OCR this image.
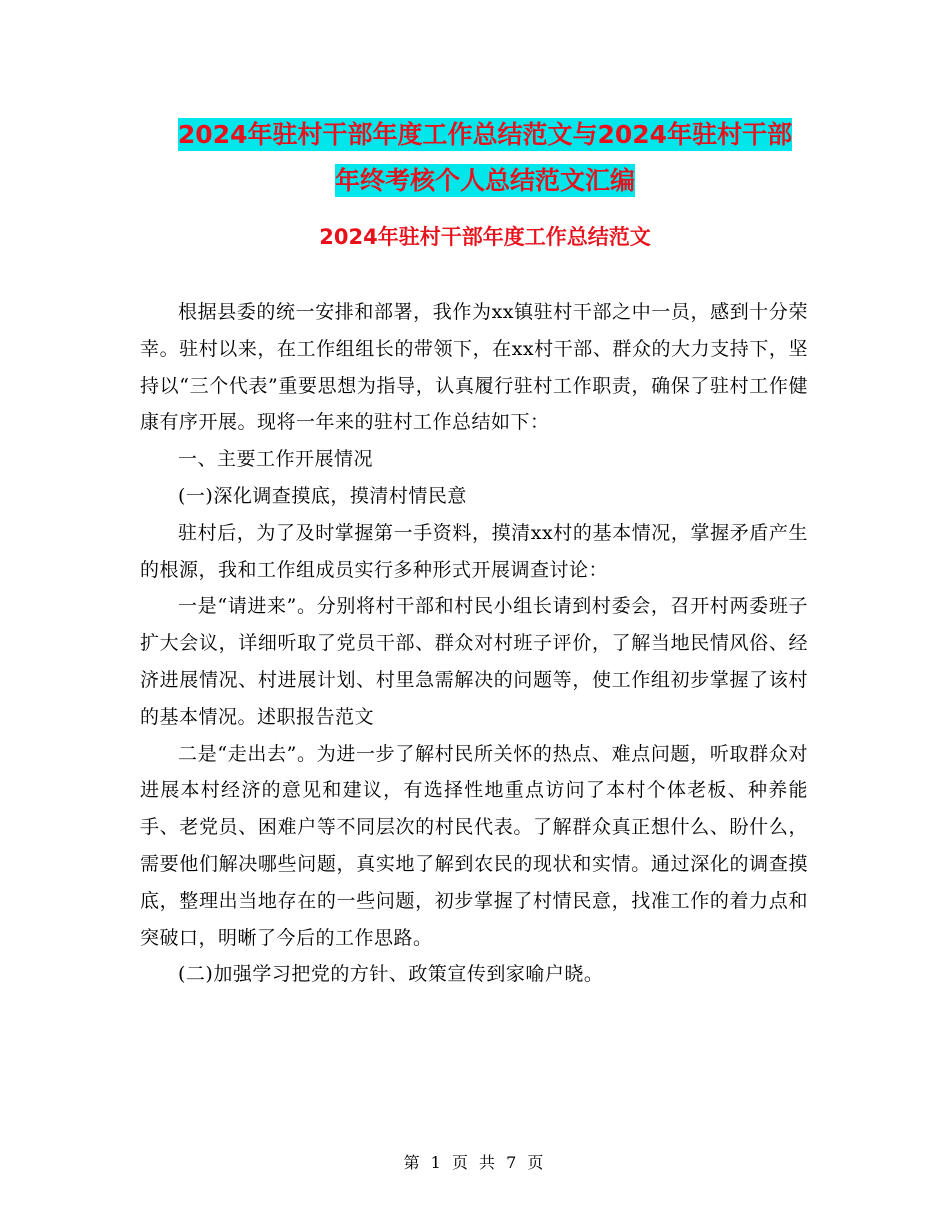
2024年驻村干部年度工作总结范文与2024年驻村干部
年终考核个人总结范文汇编
2024年驻村干部年度工作总结范文

根据县委的统一安排和部署，我作为xx镇驻村干部之中一员，感到十分荣幸。驻村以来，在工作组组长的带领下，在xx村干部、群众的大力支持下，坚持以“三个代表”重要思想为指导，认真履行驻村工作职责，确保了驻村工作健康有序开展。现将一年来的驻村工作总结如下：

一、主要工作开展情况

(一)深化调查摸底，摸清村情民意

驻村后，为了及时掌握第一手资料，摸清xx村的基本情况，掌握矛盾产生的根源，我和工作组成员实行多种形式开展调查讨论：

一是“请进来”。分别将村干部和村民小组长请到村委会，召开村两委班子扩大会议，详细听取了党员干部、群众对村班子评价，了解当地民情风俗、经济进展情况、村进展计划、村里急需解决的问题等，使工作组初步掌握了该村的基本情况。述职报告范文

二是“走出去”。为进一步了解村民所关怀的热点、难点问题，听取群众对进展本村经济的意见和建议，有选择性地重点访问了本村个体老板、种养能手、老党员、困难户等不同层次的村民代表。了解群众真正想什么、盼什么，需要他们解决哪些问题，真实地了解到农民的现状和实情。通过深化的调查摸底，整理出当地存在的一些问题，初步掌握了村情民意，找准工作的着力点和突破口，明晰了今后的工作思路。

(二)加强学习把党的方针、政策宣传到家喻户晓。

第 1 页 共 7 页
